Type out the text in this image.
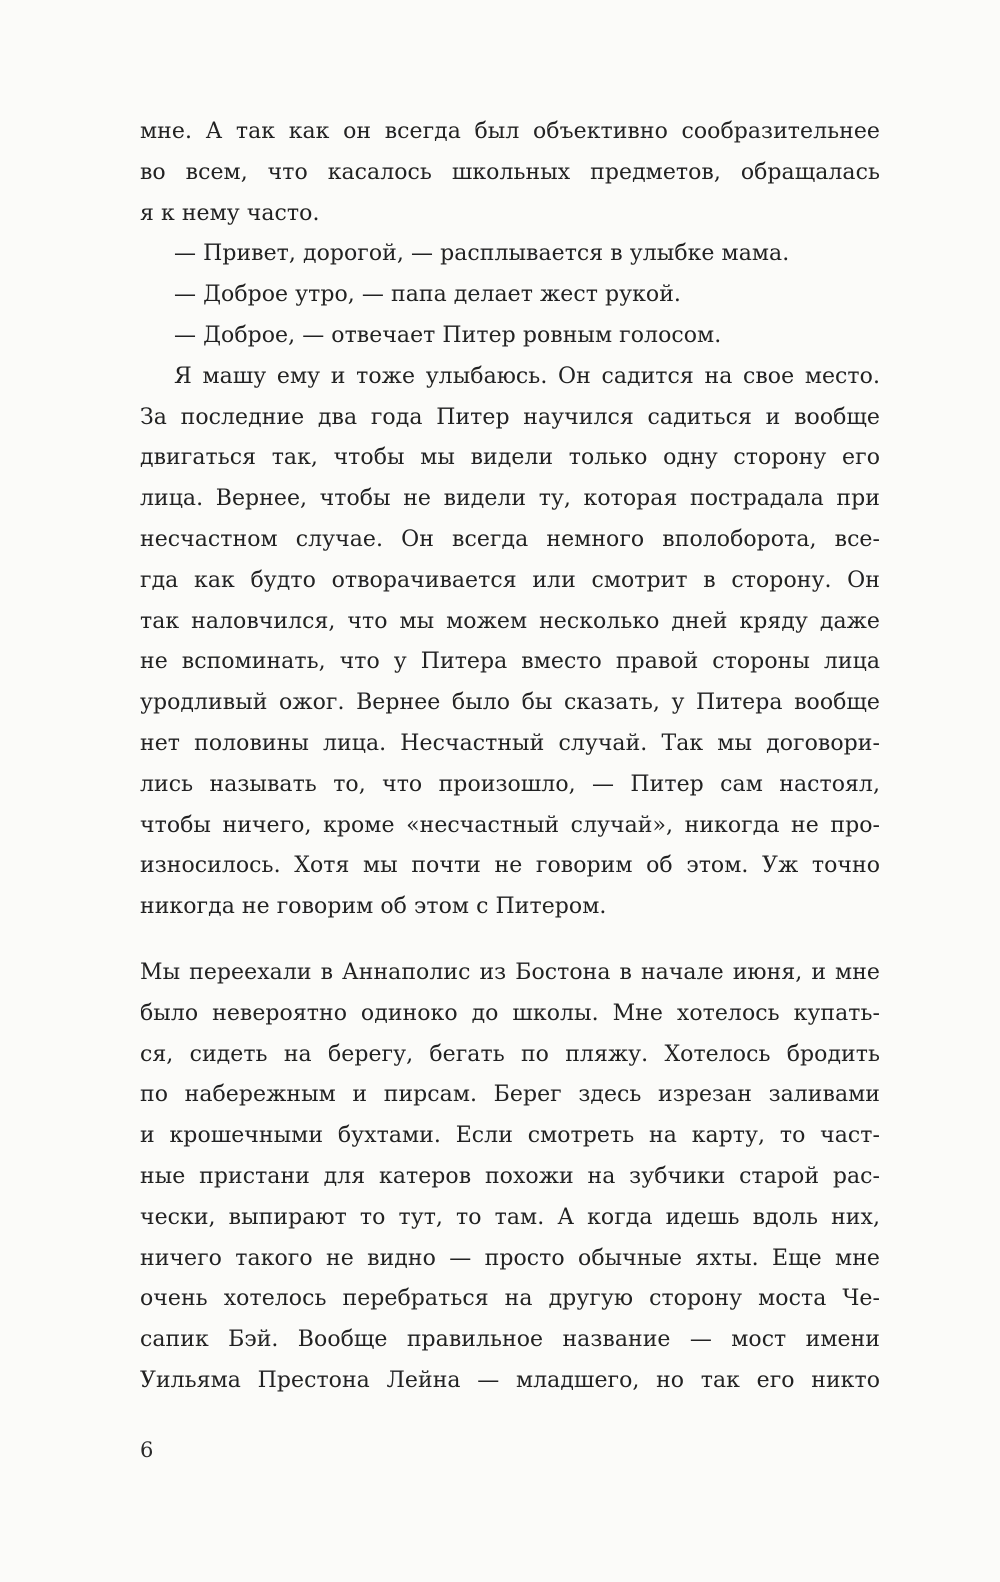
мне. А так как он всегда был объективно сообразительнее
во всем, что касалось школьных предметов, обращалась
я к нему часто.
— Привет, дорогой, — расплывается в улыбке мама.
— Доброе утро, — папа делает жест рукой.
— Доброе, — отвечает Питер ровным голосом.
Я машу ему и тоже улыбаюсь. Он садится на свое место.
За последние два года Питер научился садиться и вообще
двигаться так, чтобы мы видели только одну сторону его
лица. Вернее, чтобы не видели ту, которая пострадала при
несчастном случае. Он всегда немного вполоборота, все-
гда как будто отворачивается или смотрит в сторону. Он
так наловчился, что мы можем несколько дней кряду даже
не вспоминать, что у Питера вместо правой стороны лица
уродливый ожог. Вернее было бы сказать, у Питера вообще
нет половины лица. Несчастный случай. Так мы договори-
лись называть то, что произошло, — Питер сам настоял,
чтобы ничего, кроме «несчастный случай», никогда не про-
износилось. Хотя мы почти не говорим об этом. Уж точно
никогда не говорим об этом с Питером.
Мы переехали в Аннаполис из Бостона в начале июня, и мне
было невероятно одиноко до школы. Мне хотелось купать-
ся, сидеть на берегу, бегать по пляжу. Хотелось бродить
по набережным и пирсам. Берег здесь изрезан заливами
и крошечными бухтами. Если смотреть на карту, то част-
ные пристани для катеров похожи на зубчики старой рас-
чески, выпирают то тут, то там. А когда идешь вдоль них,
ничего такого не видно — просто обычные яхты. Еще мне
очень хотелось перебраться на другую сторону моста Че-
сапик Бэй. Вообще правильное название — мост имени
Уильяма Престона Лейна — младшего, но так его никто
6
